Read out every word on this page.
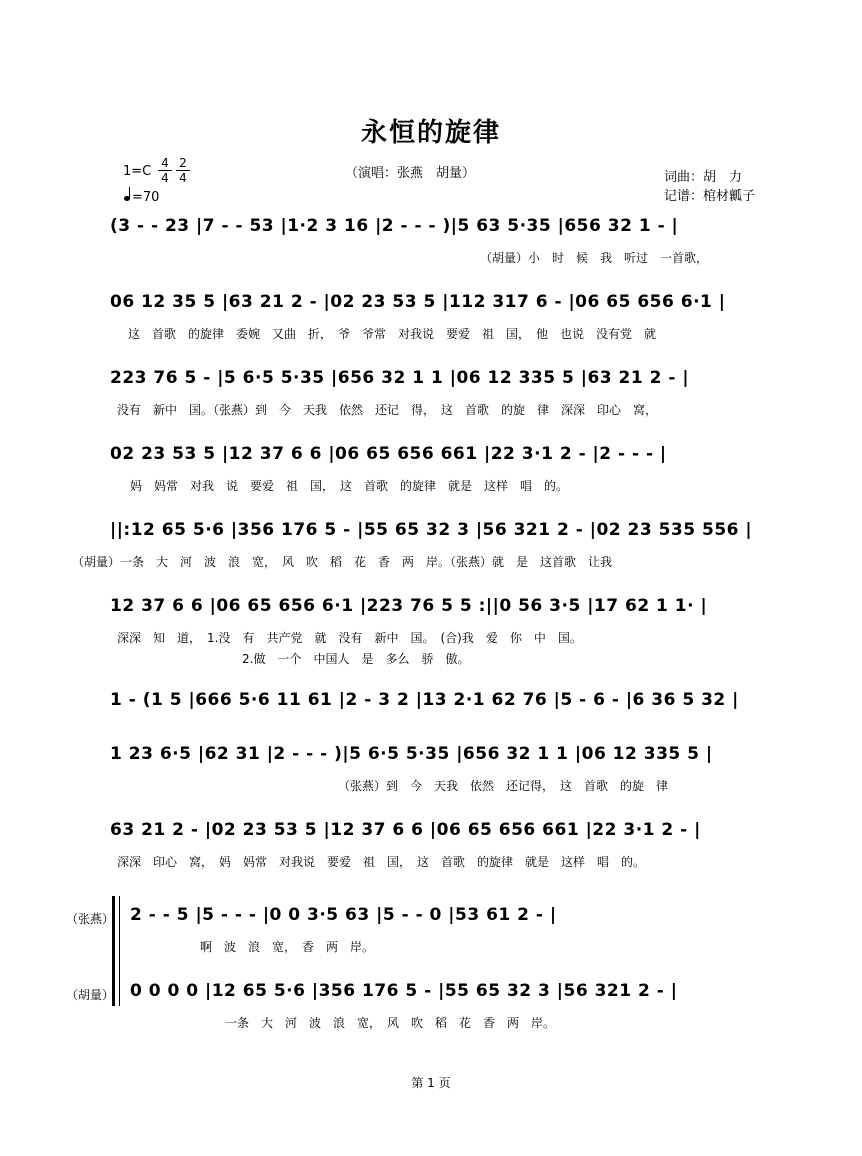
永恒的旋律
（演唱：张燕　胡量）
1=C
4
4
2
4
=70
词曲：胡　力
记谱：棺材瓤子
(3 - - 23 |7 - - 53 |1·2 3 16 |2 - - - )|5 63 5·35 |656 32 1 - |
（胡量）小　时　候　我　听过　一首歌，
06 12 35 5 |63 21 2 - |02 23 53 5 |112 317 6 - |06 65 656 6·1 |
这　首歌　的旋律　委婉　又曲　折，　爷　爷常　对我说　要爱　祖　国，　他　也说　没有党　就
223 76 5 - |5 6·5 5·35 |656 32 1 1 |06 12 335 5 |63 21 2 - |
没有　新中　国。（张燕）到　今　天我　依然　还记　得，　这　首歌　的旋　律　深深　印心　窝，
02 23 53 5 |12 37 6 6 |06 65 656 661 |22 3·1 2 - |2 - - - |
妈　妈常　对我　说　要爱　祖　国，　这　首歌　的旋律　就是　这样　唱　的。
||:12 65 5·6 |356 176 5 - |55 65 32 3 |56 321 2 - |02 23 535 556 |
（胡量）一条　大　河　波　浪　宽，　风　吹　稻　花　香　两　岸。（张燕）就　是　这首歌　让我
12 37 6 6 |06 65 656 6·1 |223 76 5 5 :||0 56 3·5 |17 62 1 1· |
深深　知　道，　1.没　有　共产党　就　没有　新中　国。　(合)我　爱　你　中　国。
2.做　一个　中国人　是　多么　骄　傲。
1 - (1 5 |666 5·6 11 61 |2 - 3 2 |13 2·1 62 76 |5 - 6 - |6 36 5 32 |
1 23 6·5 |62 31 |2 - - - )|5 6·5 5·35 |656 32 1 1 |06 12 335 5 |
（张燕）到　今　天我　依然　还记得，　这　首歌　的旋　律
63 21 2 - |02 23 53 5 |12 37 6 6 |06 65 656 661 |22 3·1 2 - |
深深　印心　窝，　妈　妈常　对我说　要爱　祖　国，　这　首歌　的旋律　就是　这样　唱　的。
（张燕） 2 - - 5 |5 - - - |0 0 3·5 63 |5 - - 0 |53 61 2 - |
啊　波　浪　宽，　香　两　岸。
（胡量） 0 0 0 0 |12 65 5·6 |356 176 5 - |55 65 32 3 |56 321 2 - |
一条　大　河　波　浪　宽，　风　吹　稻　花　香　两　岸。
第 1 页
